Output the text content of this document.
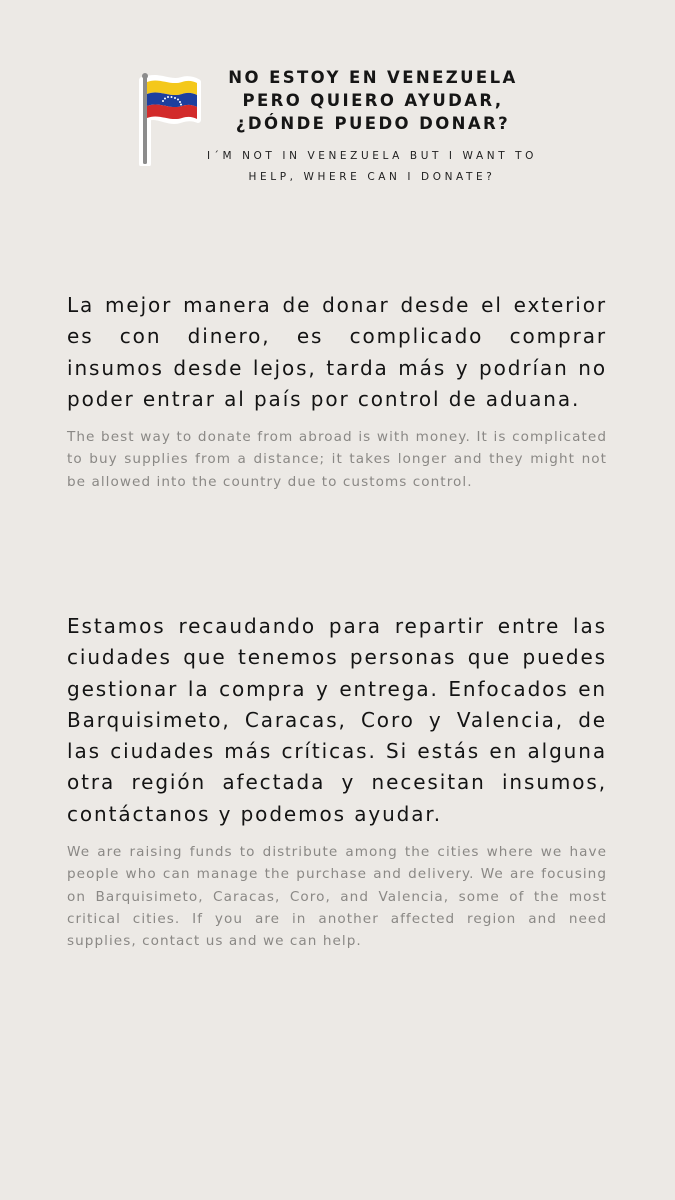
NO ESTOY EN VENEZUELA PERO QUIERO AYUDAR, ¿DÓNDE PUEDO DONAR?
I´M NOT IN VENEZUELA BUT I WANT TO HELP, WHERE CAN I DONATE?
La mejor manera de donar desde el exterior es con dinero, es complicado comprar insumos desde lejos, tarda más y podrían no poder entrar al país por control de aduana.
The best way to donate from abroad is with money. It is complicated to buy supplies from a distance; it takes longer and they might not be allowed into the country due to customs control.
Estamos recaudando para repartir entre las ciudades que tenemos personas que puedes gestionar la compra y entrega. Enfocados en Barquisimeto, Caracas, Coro y Valencia, de las ciudades más críticas. Si estás en alguna otra región afectada y necesitan insumos, contáctanos y podemos ayudar.
We are raising funds to distribute among the cities where we have people who can manage the purchase and delivery. We are focusing on Barquisimeto, Caracas, Coro, and Valencia, some of the most critical cities. If you are in another affected region and need supplies, contact us and we can help.
